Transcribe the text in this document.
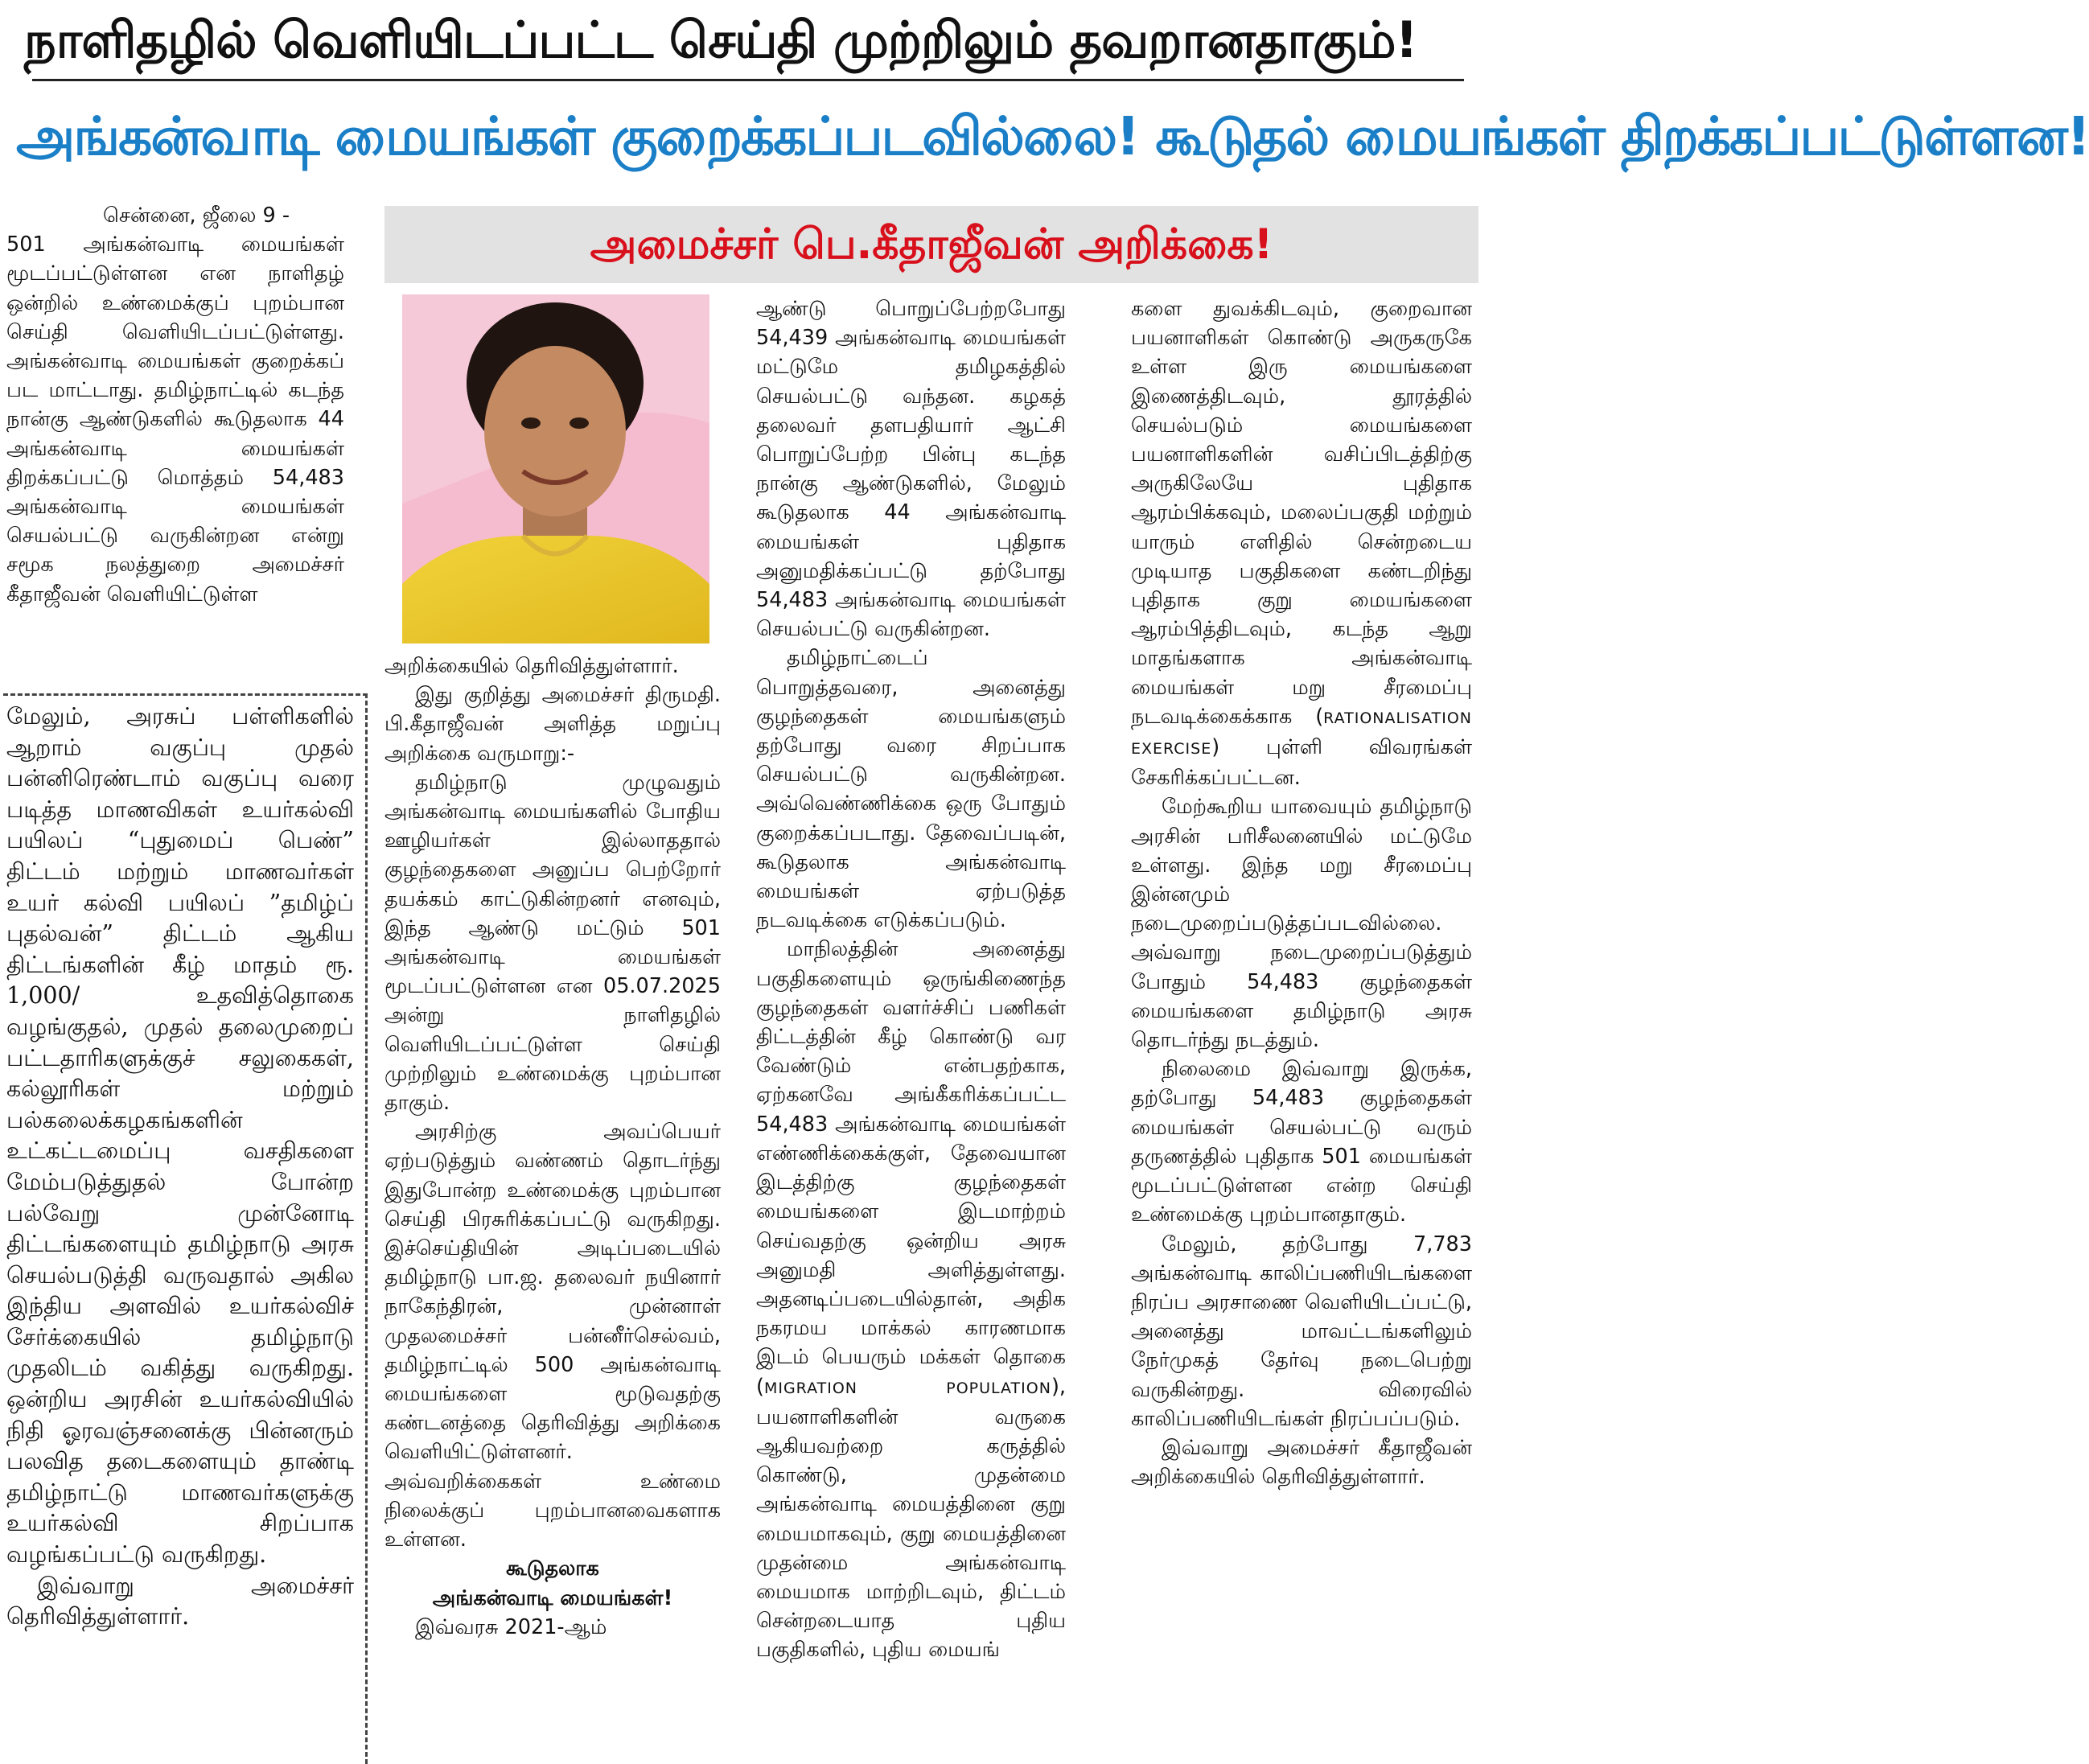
நாளிதழில் வெளியிடப்பட்ட செய்தி முற்றிலும் தவறானதாகும்!
அங்கன்வாடி மையங்கள் குறைக்கப்படவில்லை! கூடுதல் மையங்கள் திறக்கப்பட்டுள்ளன!
அமைச்சர் பெ.கீதாஜீவன் அறிக்கை!

சென்னை, ஜீலை 9 -

501 அங்கன்வாடி மையங்கள் மூடப்பட்டுள்ளன என நாளிதழ் ஒன்றில் உண்மைக்குப் புறம்பான செய்தி வெளியிடப்பட்டுள்ளது. அங்கன்வாடி மையங்கள் குறைக்கப் பட மாட்டாது. தமிழ்நாட்டில் கடந்த நான்கு ஆண்டுகளில் கூடுதலாக 44 அங்கன்வாடி மையங்கள் திறக்கப்பட்டு மொத்தம் 54,483 அங்கன்வாடி மையங்கள் செயல்பட்டு வருகின்றன என்று சமூக நலத்துறை அமைச்சர் கீதாஜீவன் வெளியிட்டுள்ள

மேலும், அரசுப் பள்ளிகளில் ஆறாம் வகுப்பு முதல் பன்னிரெண்டாம் வகுப்பு வரை படித்த மாணவிகள் உயர்கல்வி பயிலப் “புதுமைப் பெண்” திட்டம் மற்றும் மாணவர்கள் உயர் கல்வி பயிலப் ”தமிழ்ப் புதல்வன்” திட்டம் ஆகிய திட்டங்களின் கீழ் மாதம் ரூ. 1,000/ உதவித்தொகை வழங்குதல், முதல் தலைமுறைப் பட்டதாரிகளுக்குச் சலுகைகள், கல்லூரிகள் மற்றும் பல்கலைக்கழகங்களின் உட்கட்டமைப்பு வசதிகளை மேம்படுத்துதல் போன்ற பல்வேறு முன்னோடி திட்டங்களையும் தமிழ்நாடு அரசு செயல்படுத்தி வருவதால் அகில இந்திய அளவில் உயர்கல்விச் சேர்க்கையில் தமிழ்நாடு முதலிடம் வகித்து வருகிறது. ஒன்றிய அரசின் உயர்கல்வியில் நிதி ஓரவஞ்சனைக்கு பின்னரும் பலவித தடைகளையும் தாண்டி தமிழ்நாட்டு மாணவர்களுக்கு உயர்கல்வி சிறப்பாக வழங்கப்பட்டு வருகிறது.

இவ்வாறு அமைச்சர் தெரிவித்துள்ளார்.

அறிக்கையில் தெரிவித்துள்ளார்.

இது குறித்து அமைச்சர் திருமதி. பி.கீதாஜீவன் அளித்த மறுப்பு அறிக்கை வருமாறு:-

தமிழ்நாடு முழுவதும் அங்கன்வாடி மையங்களில் போதிய ஊழியர்கள் இல்லாததால் குழந்தைகளை அனுப்ப பெற்றோர் தயக்கம் காட்டுகின்றனர் எனவும், இந்த ஆண்டு மட்டும் 501 அங்கன்வாடி மையங்கள் மூடப்பட்டுள்ளன என 05.07.2025 அன்று நாளிதழில் வெளியிடப்பட்டுள்ள செய்தி முற்றிலும் உண்மைக்கு புறம்பான தாகும்.

அரசிற்கு அவப்பெயர் ஏற்படுத்தும் வண்ணம் தொடர்ந்து இதுபோன்ற உண்மைக்கு புறம்பான செய்தி பிரசுரிக்கப்பட்டு வருகிறது. இச்செய்தியின் அடிப்படையில் தமிழ்நாடு பா.ஜ. தலைவர் நயினார் நாகேந்திரன், முன்னாள் முதலமைச்சர் பன்னீர்செல்வம், தமிழ்நாட்டில் 500 அங்கன்வாடி மையங்களை மூடுவதற்கு கண்டனத்தை தெரிவித்து அறிக்கை வெளியிட்டுள்ளனர். அவ்வறிக்கைகள் உண்மை நிலைக்குப் புறம்பானவைகளாக உள்ளன.

கூடுதலாக

அங்கன்வாடி மையங்கள்!

இவ்வரசு 2021-ஆம்

ஆண்டு பொறுப்பேற்றபோது 54,439 அங்கன்வாடி மையங்கள் மட்டுமே தமிழகத்தில் செயல்பட்டு வந்தன. கழகத் தலைவர் தளபதியார் ஆட்சி பொறுப்பேற்ற பின்பு கடந்த நான்கு ஆண்டுகளில், மேலும் கூடுதலாக 44 அங்கன்வாடி மையங்கள் புதிதாக அனுமதிக்கப்பட்டு தற்போது 54,483 அங்கன்வாடி மையங்கள் செயல்பட்டு வருகின்றன.

தமிழ்நாட்டைப் பொறுத்தவரை, அனைத்து குழந்தைகள் மையங்களும் தற்போது வரை சிறப்பாக செயல்பட்டு வருகின்றன. அவ்வெண்ணிக்கை ஒரு போதும் குறைக்கப்படாது. தேவைப்படின், கூடுதலாக அங்கன்வாடி மையங்கள் ஏற்படுத்த நடவடிக்கை எடுக்கப்படும்.

மாநிலத்தின் அனைத்து பகுதிகளையும் ஒருங்கிணைந்த குழந்தைகள் வளர்ச்சிப் பணிகள் திட்டத்தின் கீழ் கொண்டு வர வேண்டும் என்பதற்காக, ஏற்கனவே அங்கீகரிக்கப்பட்ட 54,483 அங்கன்வாடி மையங்கள் எண்ணிக்கைக்குள், தேவையான இடத்திற்கு குழந்தைகள் மையங்களை இடமாற்றம் செய்வதற்கு ஒன்றிய அரசு அனுமதி அளித்துள்ளது. அதனடிப்படையில்தான், அதிக நகரமய மாக்கல் காரணமாக இடம் பெயரும் மக்கள் தொகை (MIGRATION POPULATION), பயனாளிகளின் வருகை ஆகியவற்றை கருத்தில் கொண்டு, முதன்மை அங்கன்வாடி மையத்தினை குறு மையமாகவும், குறு மையத்தினை முதன்மை அங்கன்வாடி மையமாக மாற்றிடவும், திட்டம் சென்றடையாத புதிய பகுதிகளில், புதிய மையங்

களை துவக்கிடவும், குறைவான பயனாளிகள் கொண்டு அருகருகே உள்ள இரு மையங்களை இணைத்திடவும், தூரத்தில் செயல்படும் மையங்களை பயனாளிகளின் வசிப்பிடத்திற்கு அருகிலேயே புதிதாக ஆரம்பிக்கவும், மலைப்பகுதி மற்றும் யாரும் எளிதில் சென்றடைய முடியாத பகுதிகளை கண்டறிந்து புதிதாக குறு மையங்களை ஆரம்பித்திடவும், கடந்த ஆறு மாதங்களாக அங்கன்வாடி மையங்கள் மறு சீரமைப்பு நடவடிக்கைக்காக (RATIONALISATION EXERCISE) புள்ளி விவரங்கள் சேகரிக்கப்பட்டன.

மேற்கூறிய யாவையும் தமிழ்நாடு அரசின் பரிசீலனையில் மட்டுமே உள்ளது. இந்த மறு சீரமைப்பு இன்னமும் நடைமுறைப்படுத்தப்படவில்லை. அவ்வாறு நடைமுறைப்படுத்தும் போதும் 54,483 குழந்தைகள் மையங்களை தமிழ்நாடு அரசு தொடர்ந்து நடத்தும்.

நிலைமை இவ்வாறு இருக்க, தற்போது 54,483 குழந்தைகள் மையங்கள் செயல்பட்டு வரும் தருணத்தில் புதிதாக 501 மையங்கள் மூடப்பட்டுள்ளன என்ற செய்தி உண்மைக்கு புறம்பானதாகும்.

மேலும், தற்போது 7,783 அங்கன்வாடி காலிப்பணியிடங்களை நிரப்ப அரசாணை வெளியிடப்பட்டு, அனைத்து மாவட்டங்களிலும் நேர்முகத் தேர்வு நடைபெற்று வருகின்றது. விரைவில் காலிப்பணியிடங்கள் நிரப்பப்படும்.

இவ்வாறு அமைச்சர் கீதாஜீவன் அறிக்கையில் தெரிவித்துள்ளார்.
